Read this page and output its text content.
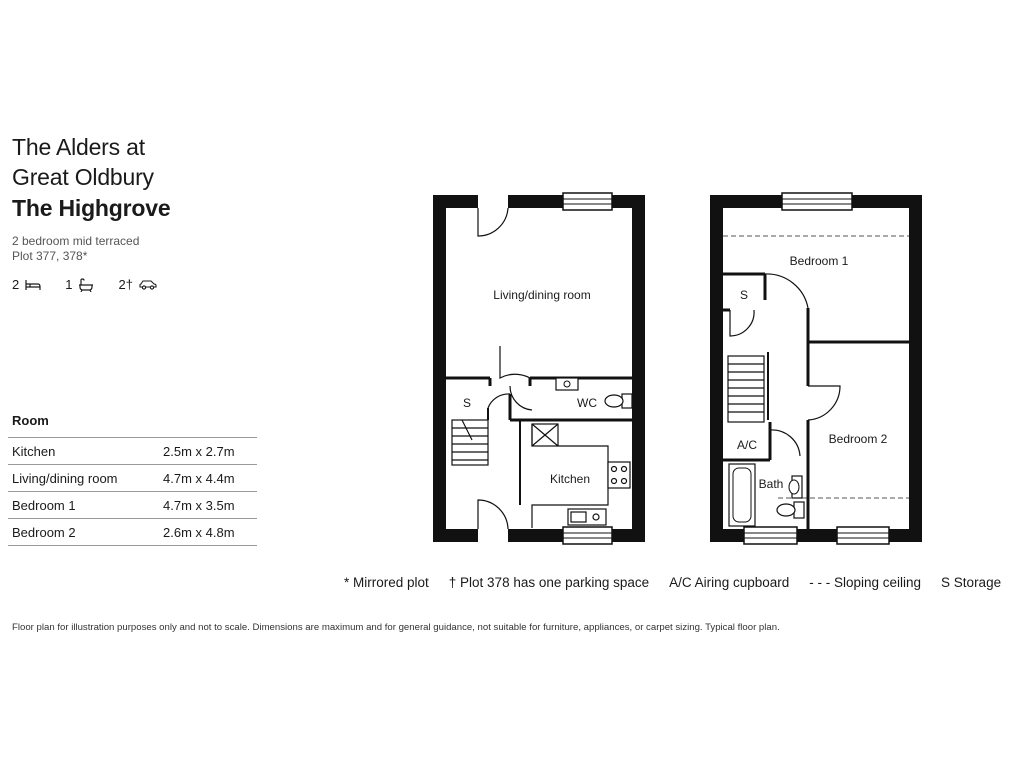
The Alders at
Great Oldbury
The Highgrove
2 bedroom mid terraced
Plot 377, 378*
2	1	2†
Room
Kitchen	2.5m x 2.7m
Living/dining room	4.7m x 4.4m
Bedroom 1	4.7m x 3.5m
Bedroom 2	2.6m x 4.8m
Living/dining room
S	WC
Kitchen
Bedroom 1
S
A/C
Bath
Bedroom 2
* Mirrored plot † Plot 378 has one parking space A/C Airing cupboard - - - Sloping ceiling S Storage
Floor plan for illustration purposes only and not to scale. Dimensions are maximum and for general guidance, not suitable for furniture, appliances, or carpet sizing. Typical floor plan.
